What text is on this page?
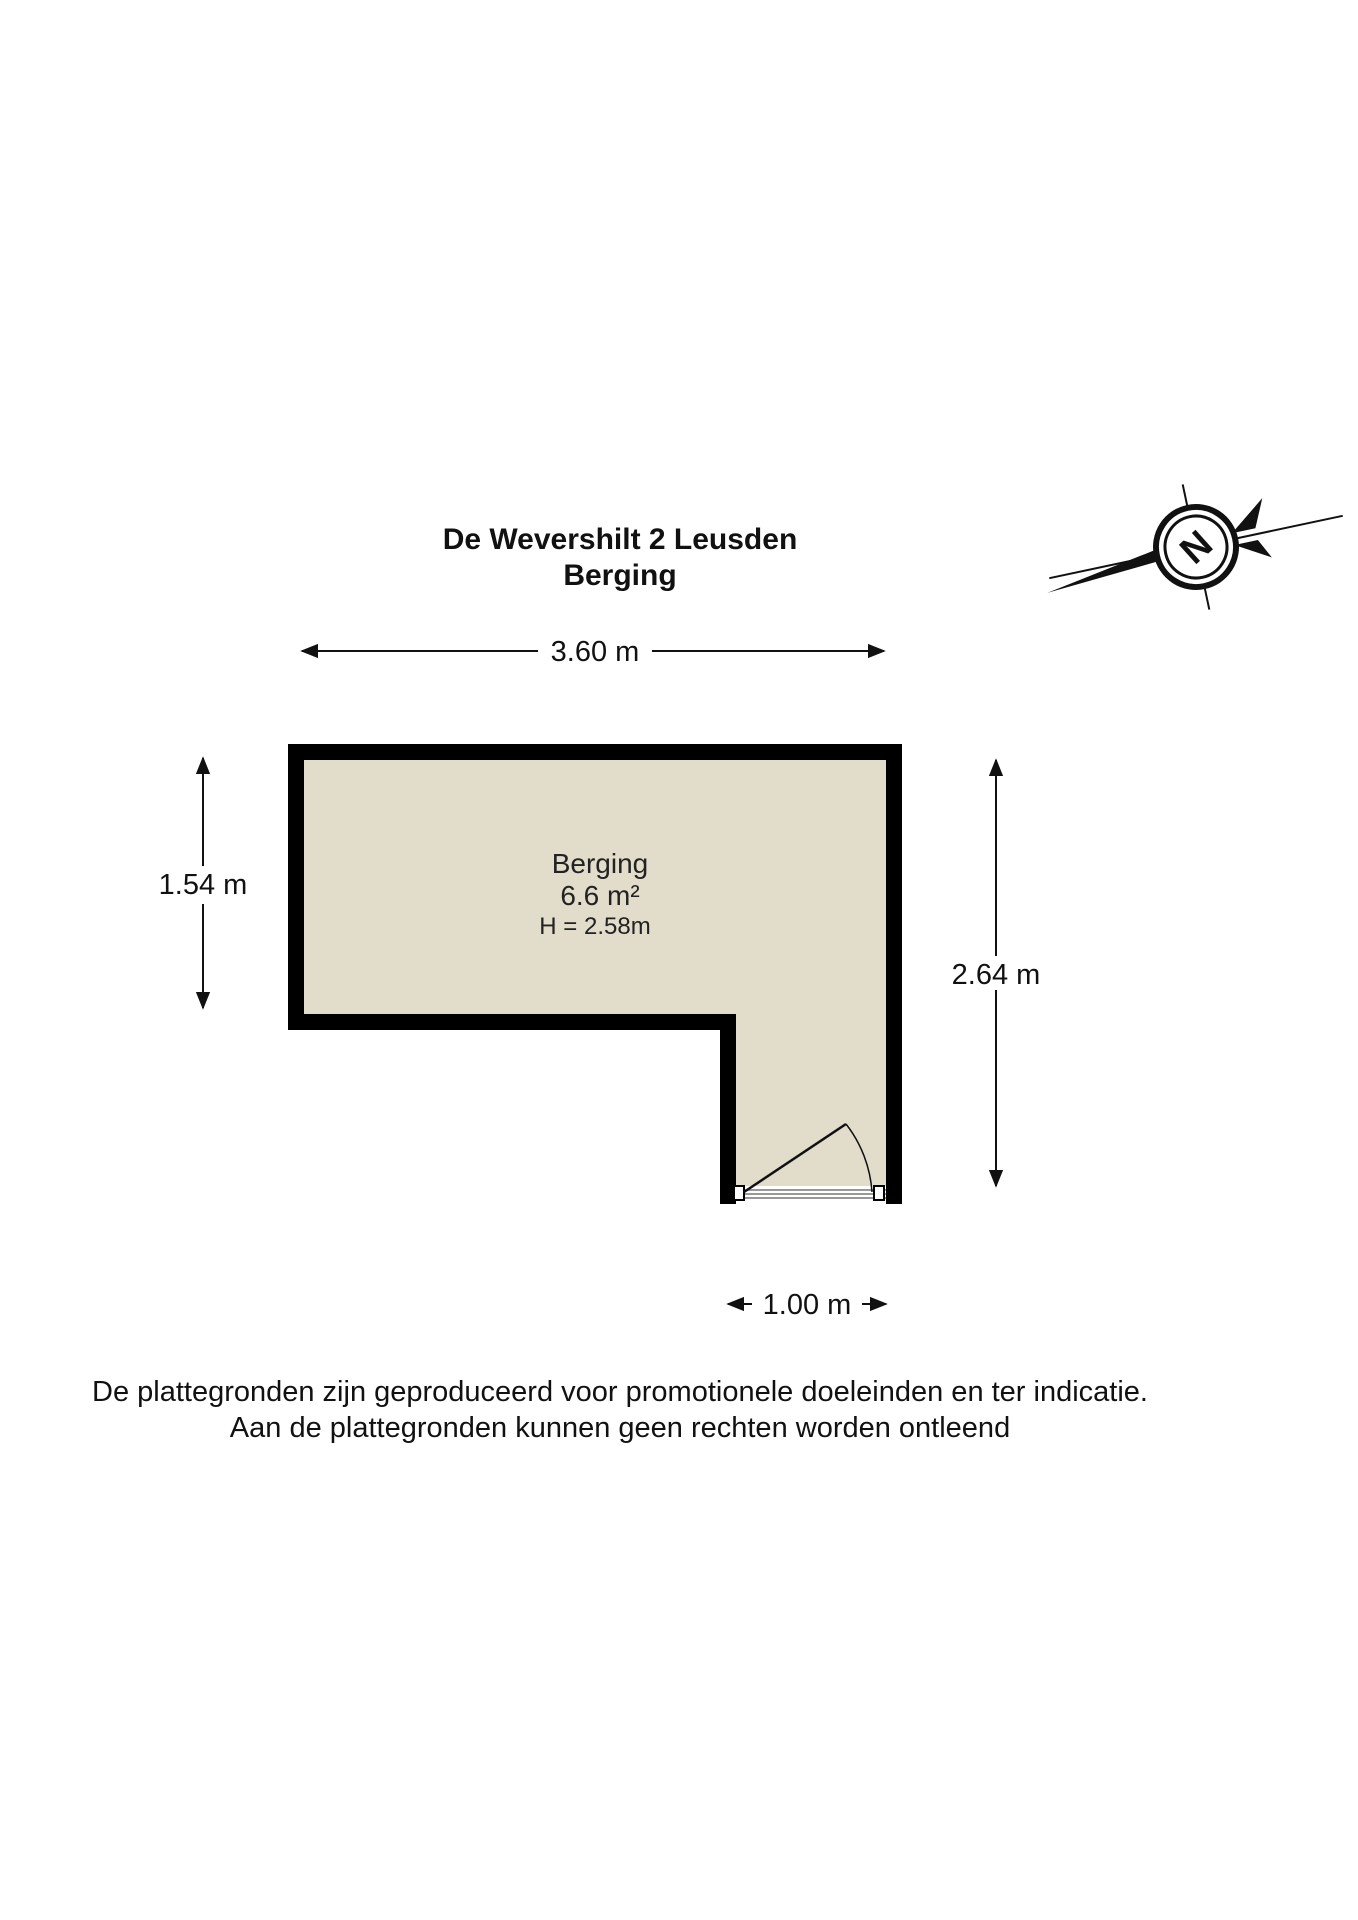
De Wevershilt 2 Leusden
Berging
Berging
6.6 m²
H = 2.58m
3.60 m
1.54 m
2.64 m
1.00 m
N
De plattegronden zijn geproduceerd voor promotionele doeleinden en ter indicatie.
Aan de plattegronden kunnen geen rechten worden ontleend
